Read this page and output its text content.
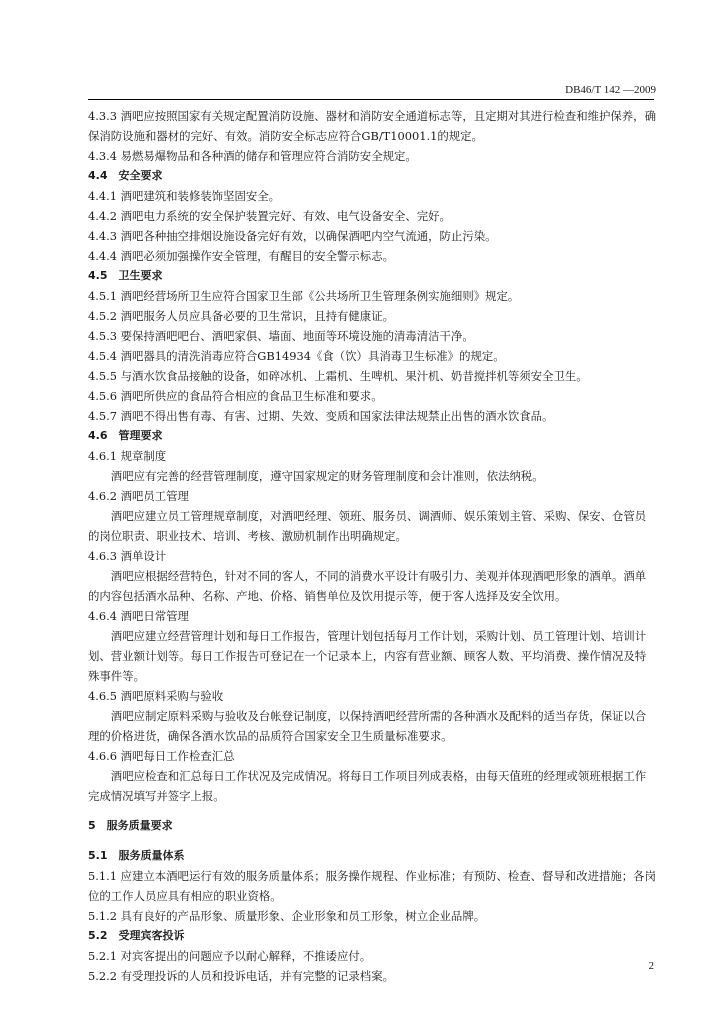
DB46/T 142 —2009
4.3.3 酒吧应按照国家有关规定配置消防设施、器材和消防安全通道标志等，且定期对其进行检查和维护保养，确保消防设施和器材的完好、有效。消防安全标志应符合GB/T10001.1的规定。
4.3.4 易燃易爆物品和各种酒的储存和管理应符合消防安全规定。
4.4　安全要求
4.4.1 酒吧建筑和装修装饰坚固安全。
4.4.2 酒吧电力系统的安全保护装置完好、有效、电气设备安全、完好。
4.4.3 酒吧各种抽空排烟设施设备完好有效，以确保酒吧内空气流通，防止污染。
4.4.4 酒吧必须加强操作安全管理，有醒目的安全警示标志。
4.5　卫生要求
4.5.1 酒吧经营场所卫生应符合国家卫生部《公共场所卫生管理条例实施细则》规定。
4.5.2 酒吧服务人员应具备必要的卫生常识，且持有健康证。
4.5.3 要保持酒吧吧台、酒吧家俱、墙面、地面等环境设施的清毒清洁干净。
4.5.4 酒吧器具的清洗消毒应符合GB14934《食（饮）具消毒卫生标准》的规定。
4.5.5 与酒水饮食品接触的设备，如碎冰机、上霜机、生啤机、果汁机、奶昔搅拌机等须安全卫生。
4.5.6 酒吧所供应的食品符合相应的食品卫生标准和要求。
4.5.7 酒吧不得出售有毒、有害、过期、失效、变质和国家法律法规禁止出售的酒水饮食品。
4.6　管理要求
4.6.1 规章制度
酒吧应有完善的经营管理制度，遵守国家规定的财务管理制度和会计准则，依法纳税。
4.6.2 酒吧员工管理
酒吧应建立员工管理规章制度，对酒吧经理、领班、服务员、调酒师、娱乐策划主管、采购、保安、仓管员的岗位职责、职业技术、培训、考核、激励机制作出明确规定。
4.6.3 酒单设计
酒吧应根据经营特色，针对不同的客人，不同的消费水平设计有吸引力、美观并体现酒吧形象的酒单。酒单的内容包括酒水品种、名称、产地、价格、销售单位及饮用提示等，便于客人选择及安全饮用。
4.6.4 酒吧日常管理
酒吧应建立经营管理计划和每日工作报告，管理计划包括每月工作计划，采购计划、员工管理计划、培训计划、营业额计划等。每日工作报告可登记在一个记录本上，内容有营业额、顾客人数、平均消费、操作情况及特殊事件等。
4.6.5 酒吧原料采购与验收
酒吧应制定原料采购与验收及台帐登记制度，以保持酒吧经营所需的各种酒水及配料的适当存货，保证以合理的价格进货，确保各酒水饮品的品质符合国家安全卫生质量标准要求。
4.6.6 酒吧每日工作检查汇总
酒吧应检查和汇总每日工作状况及完成情况。将每日工作项目列成表格，由每天值班的经理或领班根据工作完成情况填写并签字上报。
5　服务质量要求
5.1　服务质量体系
5.1.1 应建立本酒吧运行有效的服务质量体系；服务操作规程、作业标准；有预防、检查、督导和改进措施；各岗位的工作人员应具有相应的职业资格。
5.1.2 具有良好的产品形象、质量形象、企业形象和员工形象，树立企业品牌。
5.2　受理宾客投诉
5.2.1 对宾客提出的问题应予以耐心解释，不推诿应付。
5.2.2 有受理投诉的人员和投诉电话，并有完整的记录档案。
2
